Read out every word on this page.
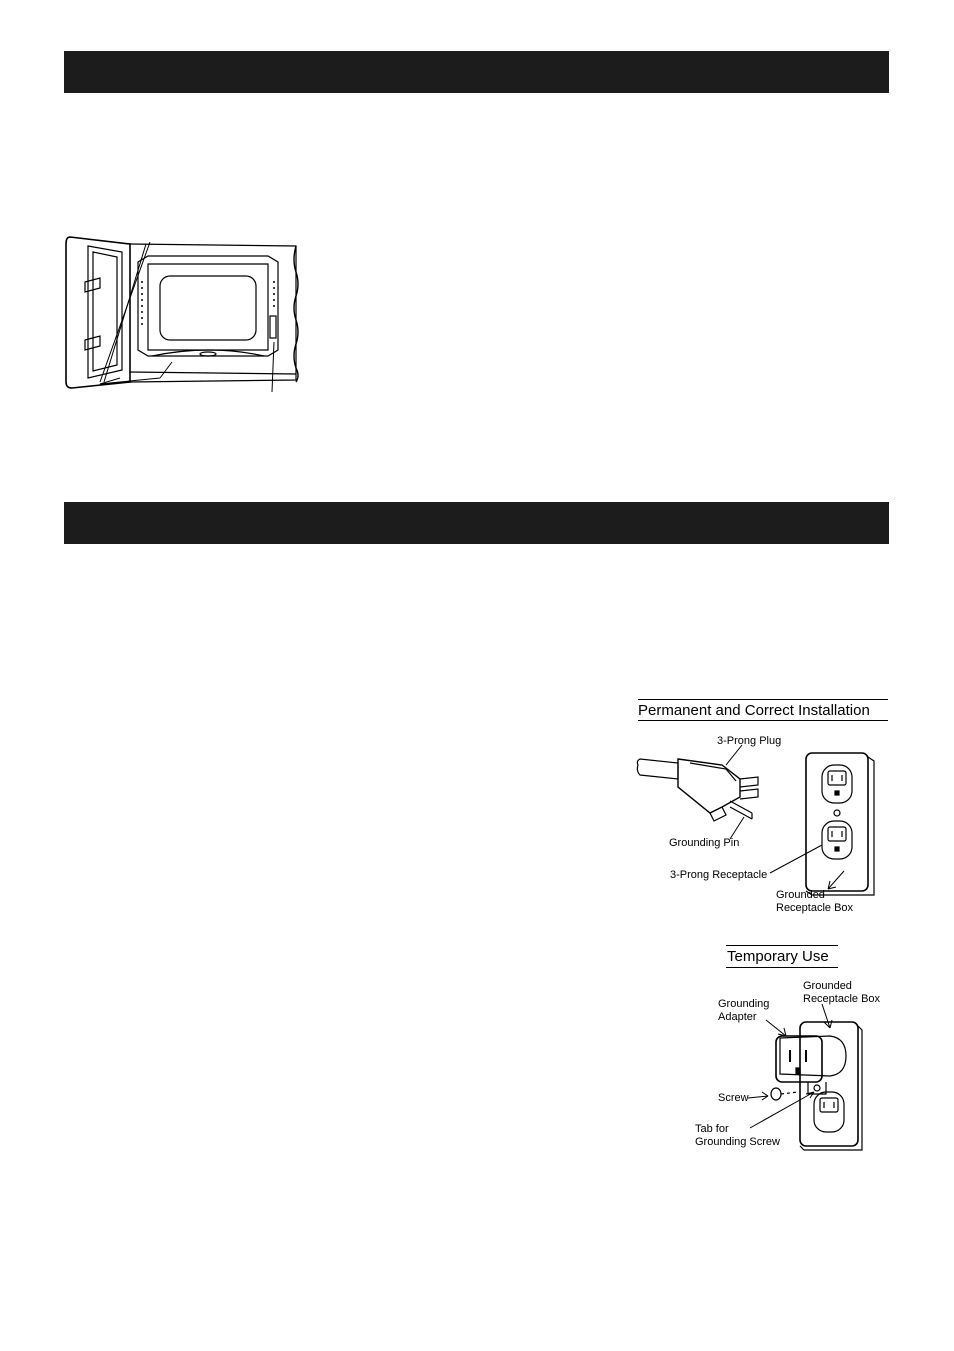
Permanent and Correct Installation
3-Prong Plug
Grounding Pin
3-Prong Receptacle
Grounded
Receptacle Box
Temporary Use
Grounded
Receptacle Box
Grounding
Adapter
Screw
Tab for
Grounding Screw
